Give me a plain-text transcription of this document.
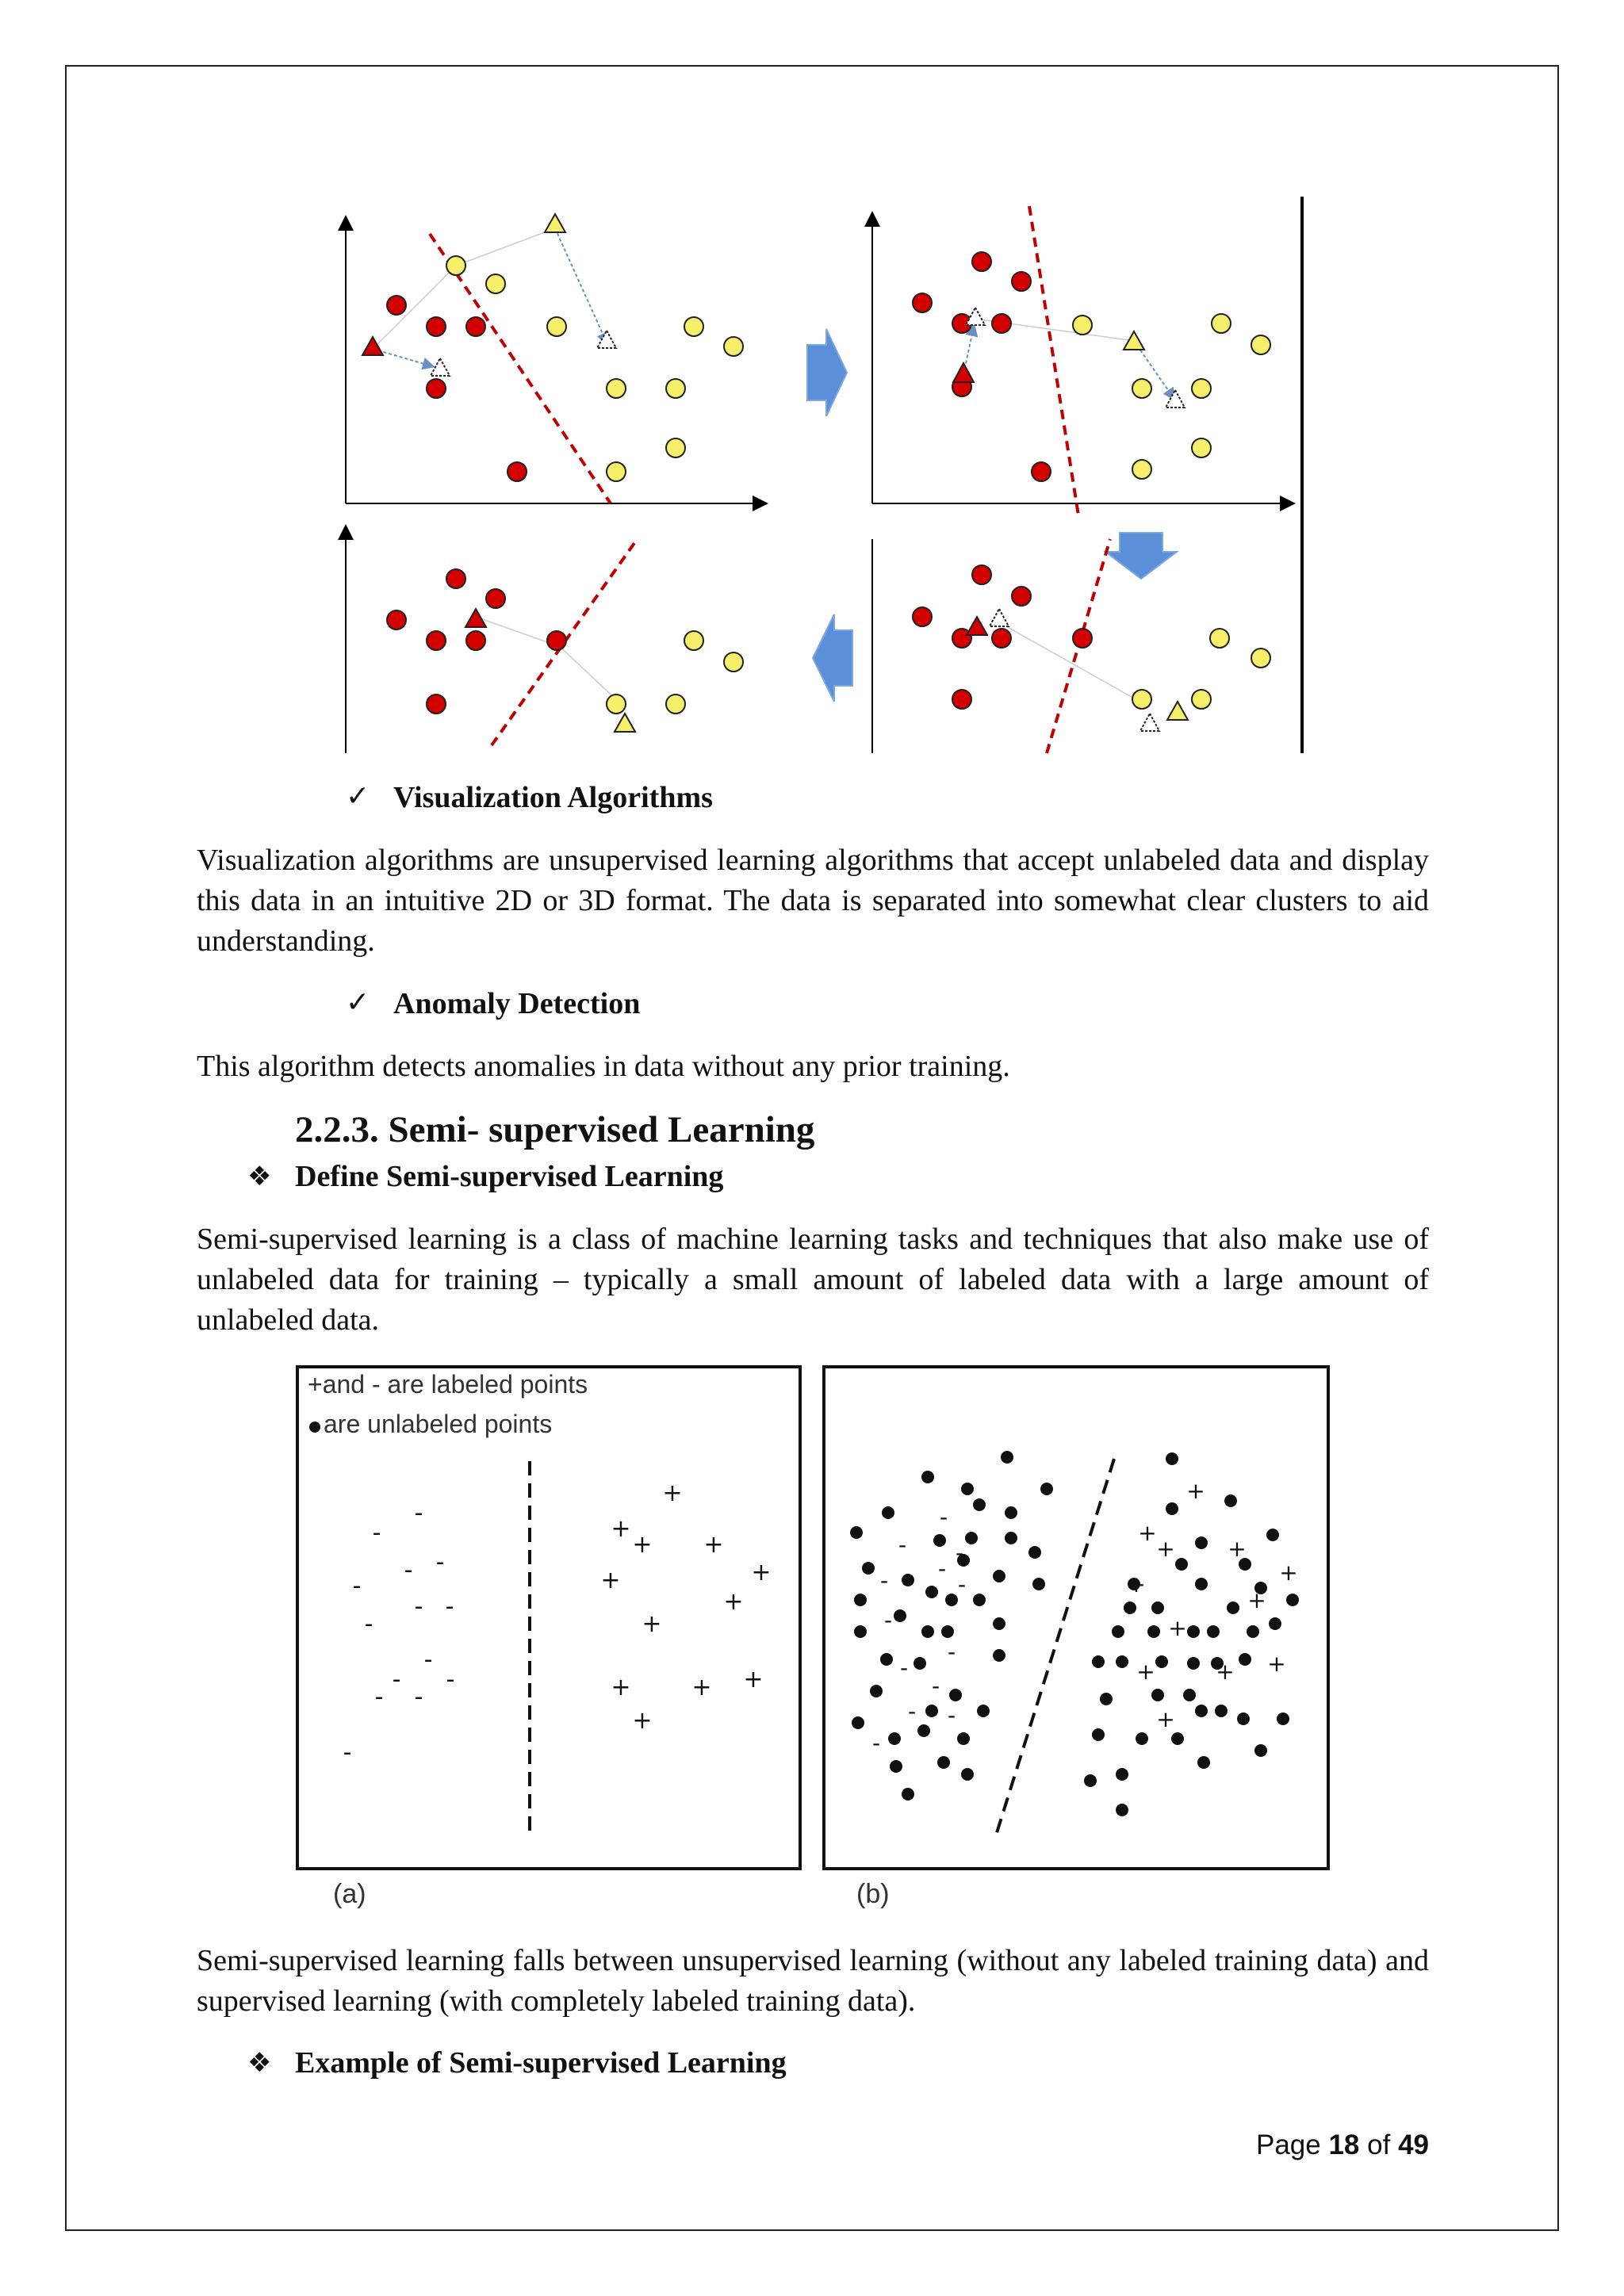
✓ Visualization Algorithms
Visualization algorithms are unsupervised learning algorithms that accept unlabeled data and display this data in an intuitive 2D or 3D format. The data is separated into somewhat clear clusters to aid understanding.
✓ Anomaly Detection
This algorithm detects anomalies in data without any prior training.
2.2.3. Semi- supervised Learning
❖ Define Semi-supervised Learning
Semi-supervised learning is a class of machine learning tasks and techniques that also make use of unlabeled data for training – typically a small amount of labeled data with a large amount of unlabeled data.
+and - are labeled points
are unlabeled points
-
-
-
-
-
- -
-
-
- -
- -
-
+
+
+ +
+
+
+
+
+	+ +
+
-
- -
- -
-
-
-
-
-
- -
-
+
+
+ +
+
+
+
+
+	+ +
+
(a)	(b)
Semi-supervised learning falls between unsupervised learning (without any labeled training data) and supervised learning (with completely labeled training data).
❖ Example of Semi-supervised Learning
Page 18 of 49
